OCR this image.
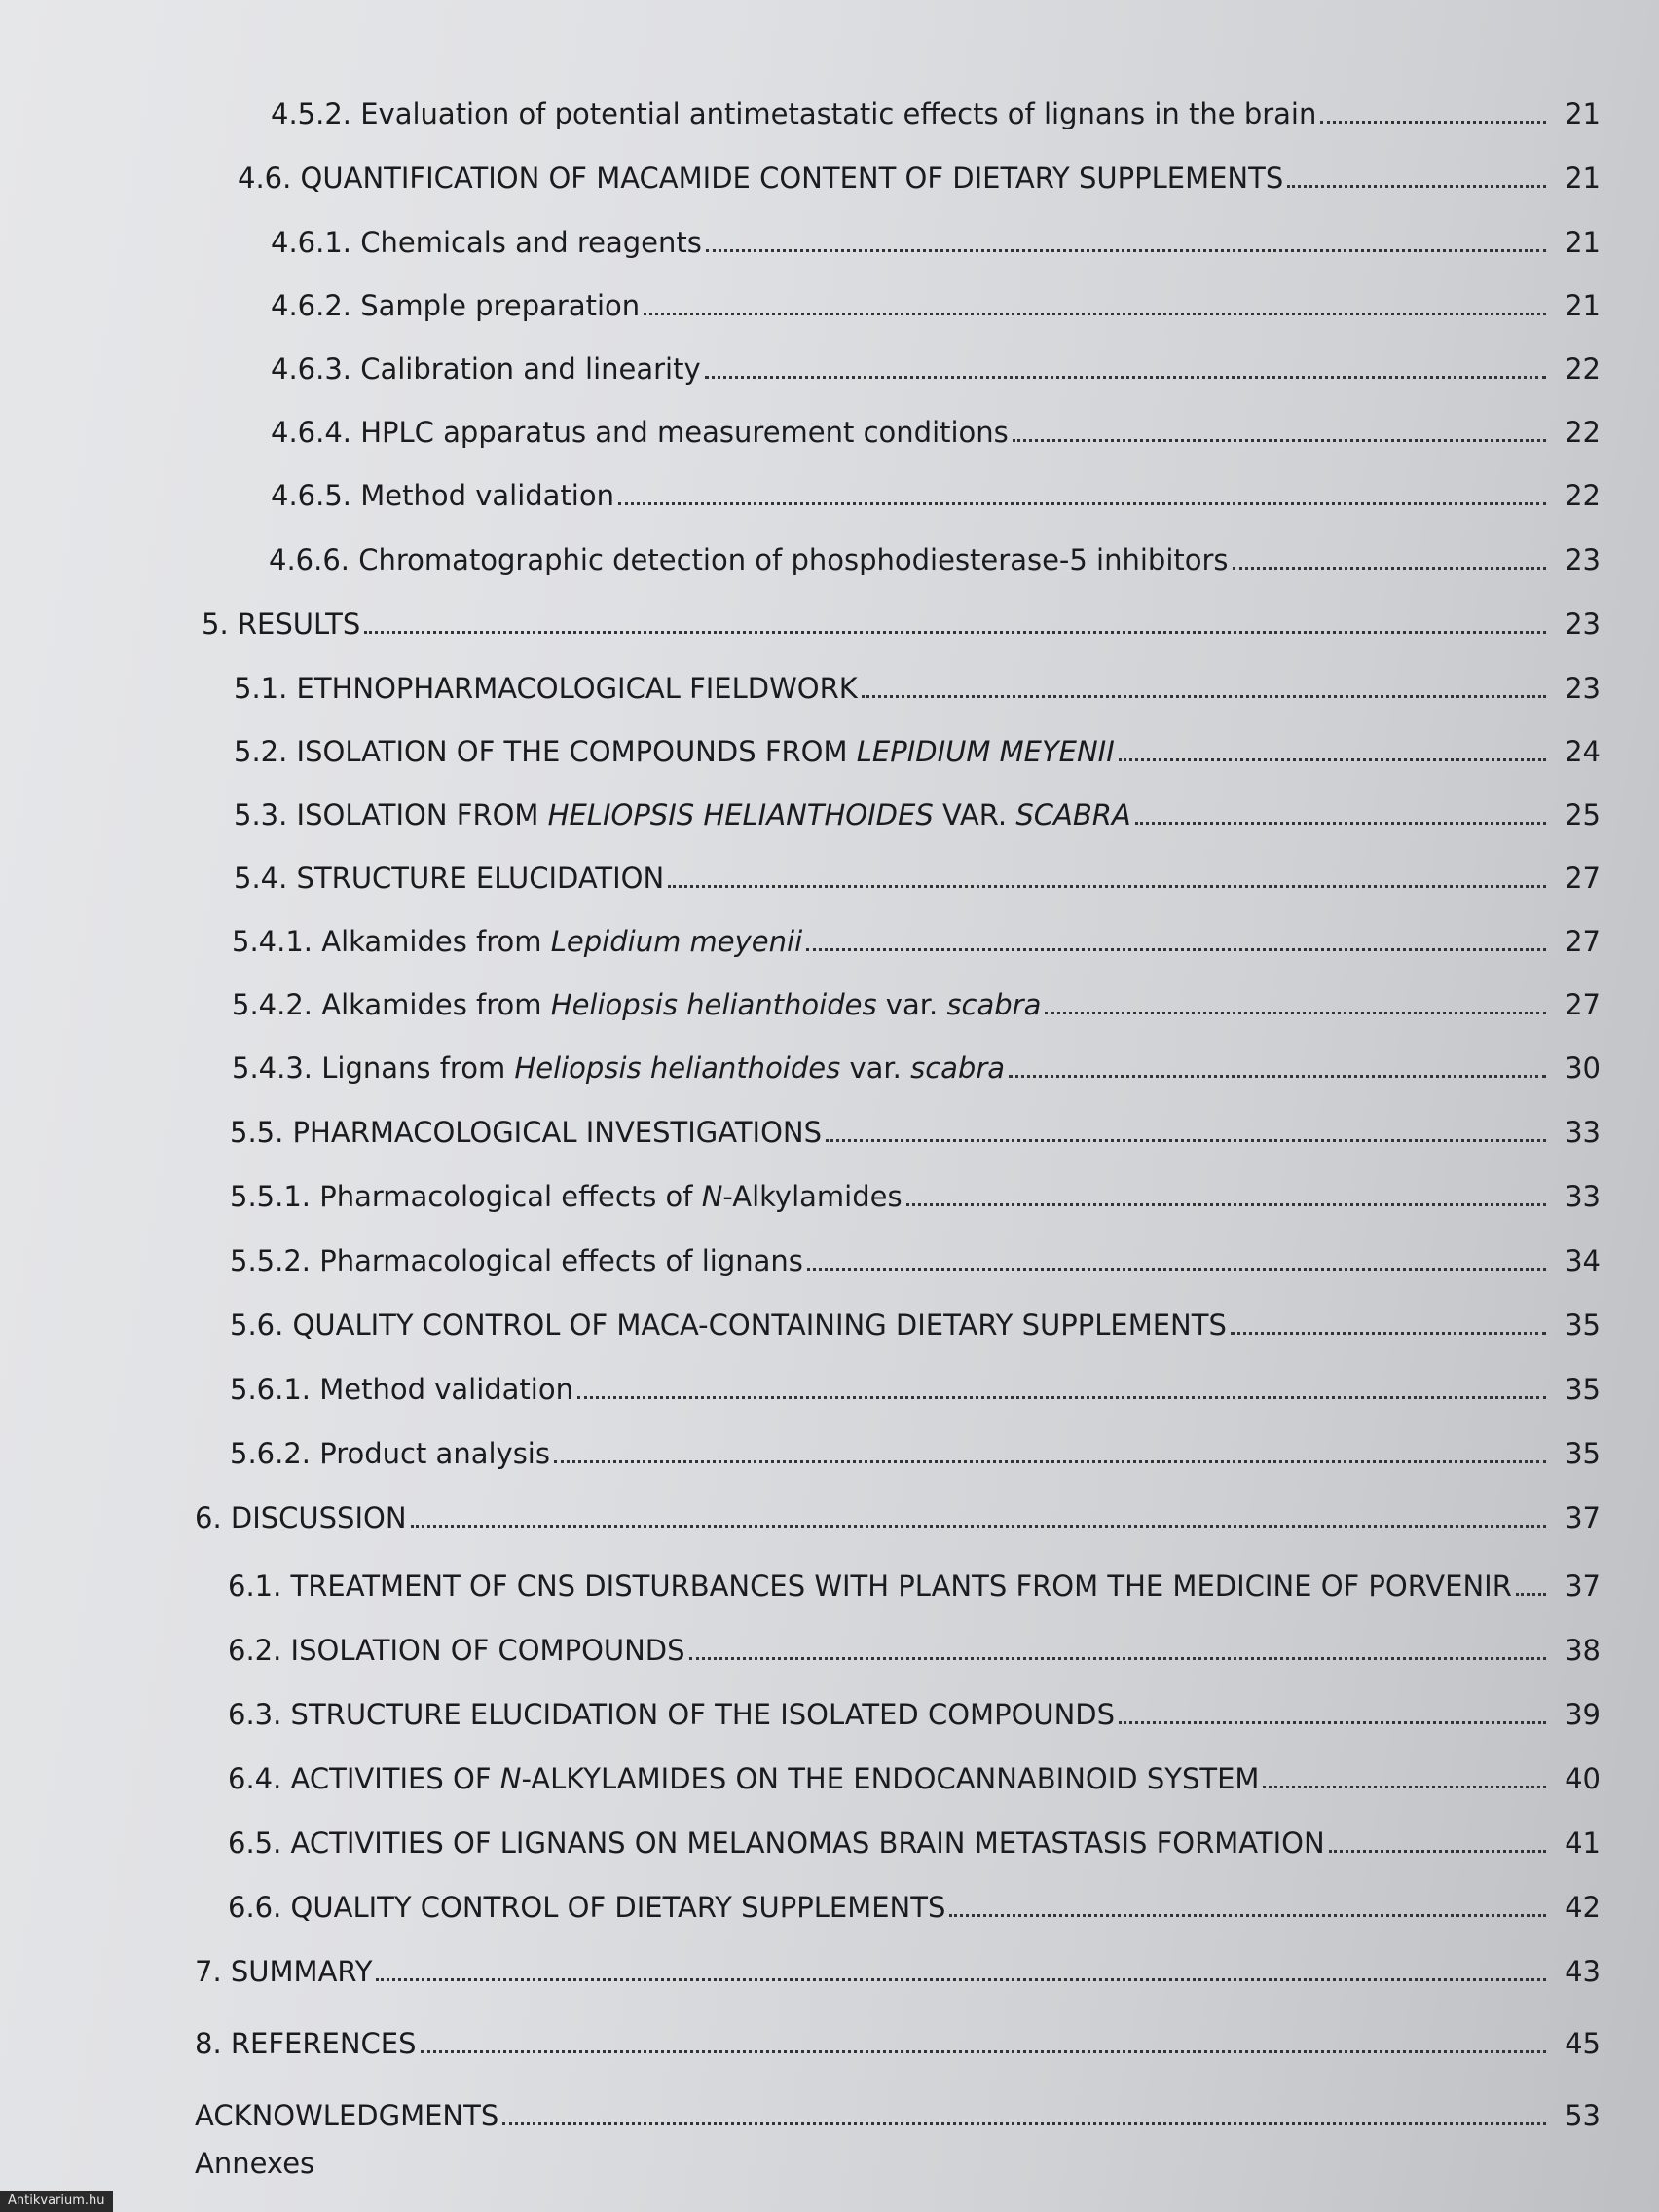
4.5.2. Evaluation of potential antimetastatic effects of lignans in the brain	21
4.6. QUANTIFICATION OF MACAMIDE CONTENT OF DIETARY SUPPLEMENTS	21
4.6.1. Chemicals and reagents	21
4.6.2. Sample preparation	21
4.6.3. Calibration and linearity	22
4.6.4. HPLC apparatus and measurement conditions	22
4.6.5. Method validation	22
4.6.6. Chromatographic detection of phosphodiesterase-5 inhibitors	23
5. RESULTS	23
5.1. ETHNOPHARMACOLOGICAL FIELDWORK	23
5.2. ISOLATION OF THE COMPOUNDS FROM LEPIDIUM MEYENII	24
5.3. ISOLATION FROM HELIOPSIS HELIANTHOIDES VAR. SCABRA	25
5.4. STRUCTURE ELUCIDATION	27
5.4.1. Alkamides from Lepidium meyenii	27
5.4.2. Alkamides from Heliopsis helianthoides var. scabra	27
5.4.3. Lignans from Heliopsis helianthoides var. scabra	30
5.5. PHARMACOLOGICAL INVESTIGATIONS	33
5.5.1. Pharmacological effects of N-Alkylamides	33
5.5.2. Pharmacological effects of lignans	34
5.6. QUALITY CONTROL OF MACA-CONTAINING DIETARY SUPPLEMENTS	35
5.6.1. Method validation	35
5.6.2. Product analysis	35
6. DISCUSSION	37
6.1. TREATMENT OF CNS DISTURBANCES WITH PLANTS FROM THE MEDICINE OF PORVENIR 37
6.2. ISOLATION OF COMPOUNDS	38
6.3. STRUCTURE ELUCIDATION OF THE ISOLATED COMPOUNDS	39
6.4. ACTIVITIES OF N-ALKYLAMIDES ON THE ENDOCANNABINOID SYSTEM	40
6.5. ACTIVITIES OF LIGNANS ON MELANOMAS BRAIN METASTASIS FORMATION	41
6.6. QUALITY CONTROL OF DIETARY SUPPLEMENTS	42
7. SUMMARY	43
8. REFERENCES	45
ACKNOWLEDGMENTS	53
Annexes
Antikvarium.hu
